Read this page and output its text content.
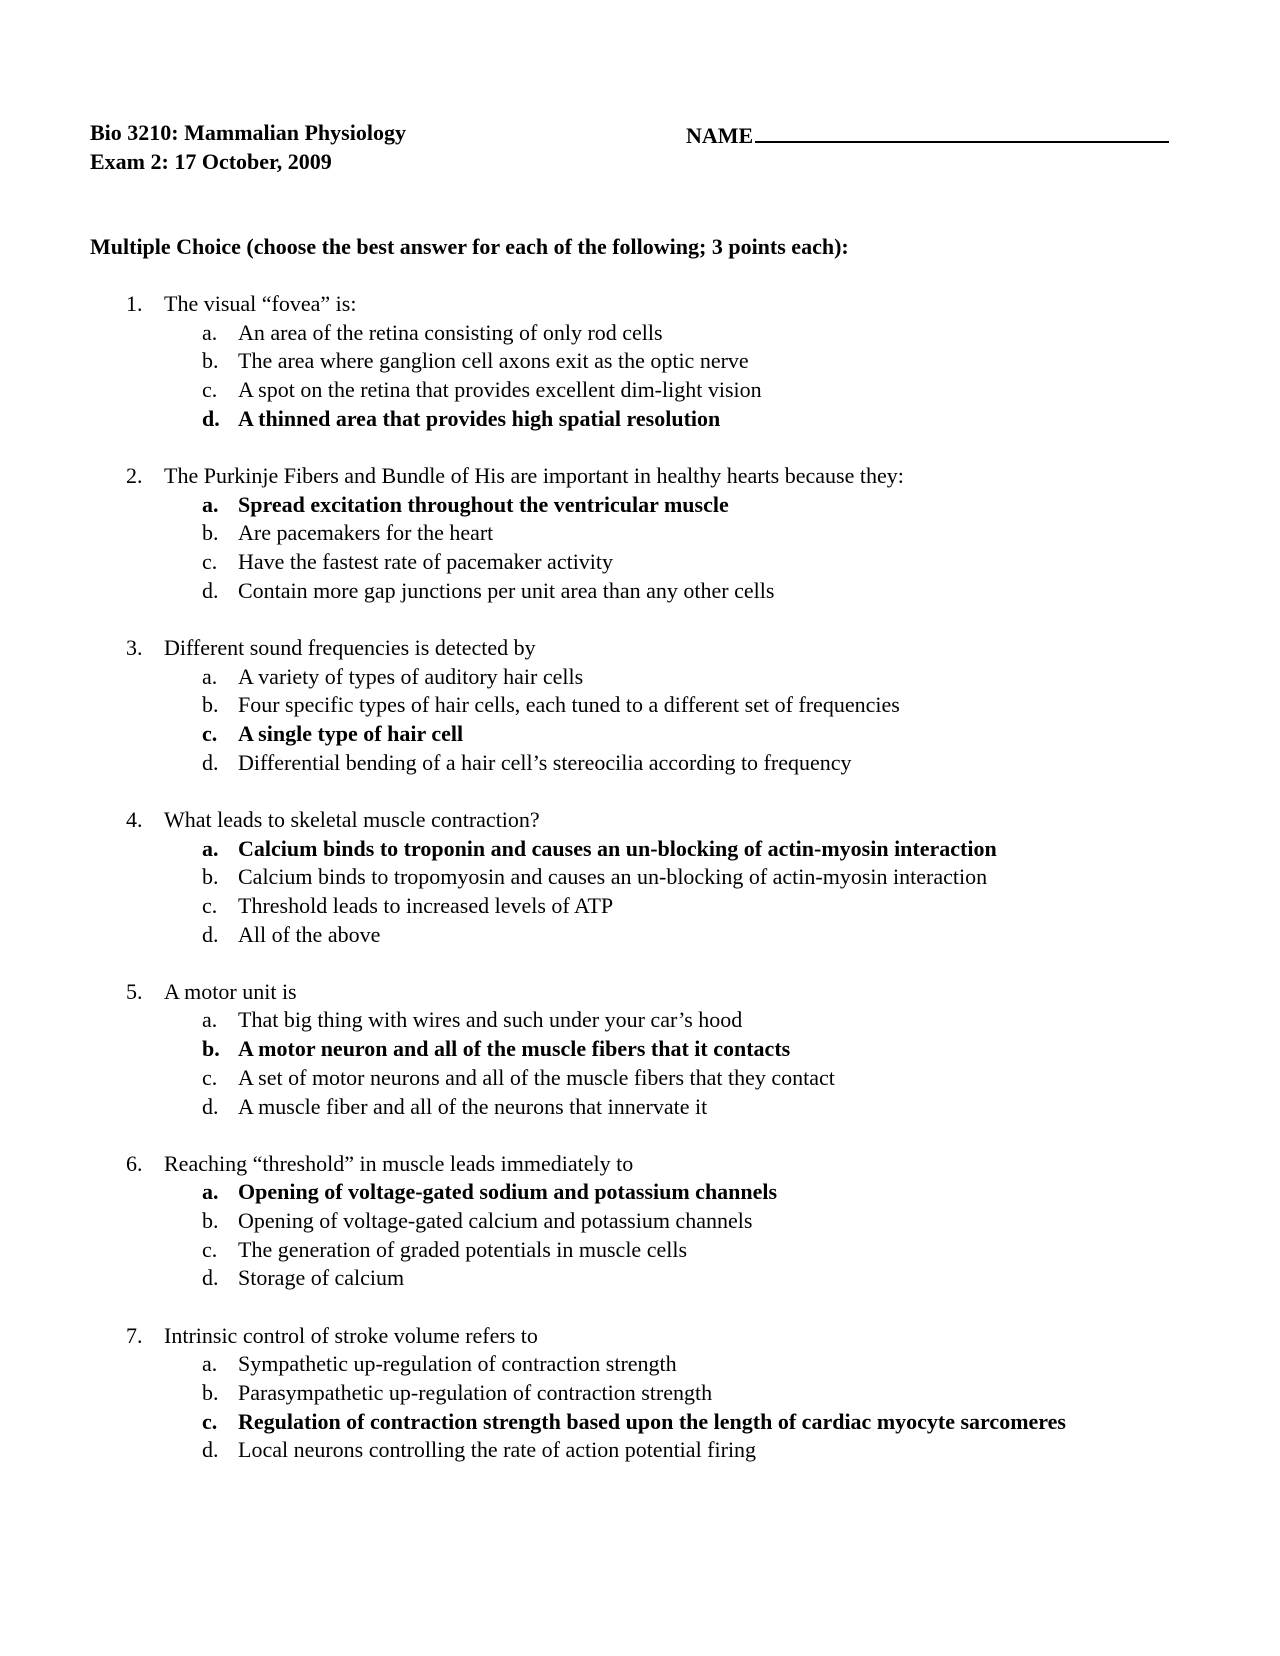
Bio 3210: Mammalian Physiology	NAME
Exam 2: 17 October, 2009
Multiple Choice (choose the best answer for each of the following; 3 points each):
1. The visual “fovea” is:
a. An area of the retina consisting of only rod cells
b. The area where ganglion cell axons exit as the optic nerve
c. A spot on the retina that provides excellent dim-light vision
d. A thinned area that provides high spatial resolution
2. The Purkinje Fibers and Bundle of His are important in healthy hearts because they:
a. Spread excitation throughout the ventricular muscle
b. Are pacemakers for the heart
c. Have the fastest rate of pacemaker activity
d. Contain more gap junctions per unit area than any other cells
3. Different sound frequencies is detected by
a. A variety of types of auditory hair cells
b. Four specific types of hair cells, each tuned to a different set of frequencies
c. A single type of hair cell
d. Differential bending of a hair cell’s stereocilia according to frequency
4. What leads to skeletal muscle contraction?
a. Calcium binds to troponin and causes an un-blocking of actin-myosin interaction
b. Calcium binds to tropomyosin and causes an un-blocking of actin-myosin interaction
c. Threshold leads to increased levels of ATP
d. All of the above
5. A motor unit is
a. That big thing with wires and such under your car’s hood
b. A motor neuron and all of the muscle fibers that it contacts
c. A set of motor neurons and all of the muscle fibers that they contact
d. A muscle fiber and all of the neurons that innervate it
6. Reaching “threshold” in muscle leads immediately to
a. Opening of voltage-gated sodium and potassium channels
b. Opening of voltage-gated calcium and potassium channels
c. The generation of graded potentials in muscle cells
d. Storage of calcium
7. Intrinsic control of stroke volume refers to
a. Sympathetic up-regulation of contraction strength
b. Parasympathetic up-regulation of contraction strength
c. Regulation of contraction strength based upon the length of cardiac myocyte sarcomeres
d. Local neurons controlling the rate of action potential firing
